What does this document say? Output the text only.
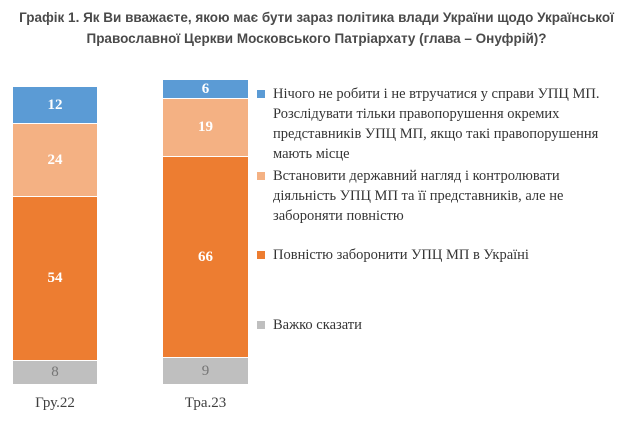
Графік 1. Як Ви вважаєте, якою має бути зараз політика влади України щодо Української
Православної Церкви Московського Патріархату (глава – Онуфрій)?
12
24
54
8
6
19
66
9
Гру.22	Тра.23
Нічого не робити і не втручатися у справи УПЦ МП. Розслідувати тільки правопорушення окремих представників УПЦ МП, якщо такі правопорушення мають місце
Встановити державний нагляд і контролювати діяльність УПЦ МП та її представників, але не забороняти повністю
Повністю заборонити УПЦ МП в Україні
Важко сказати
